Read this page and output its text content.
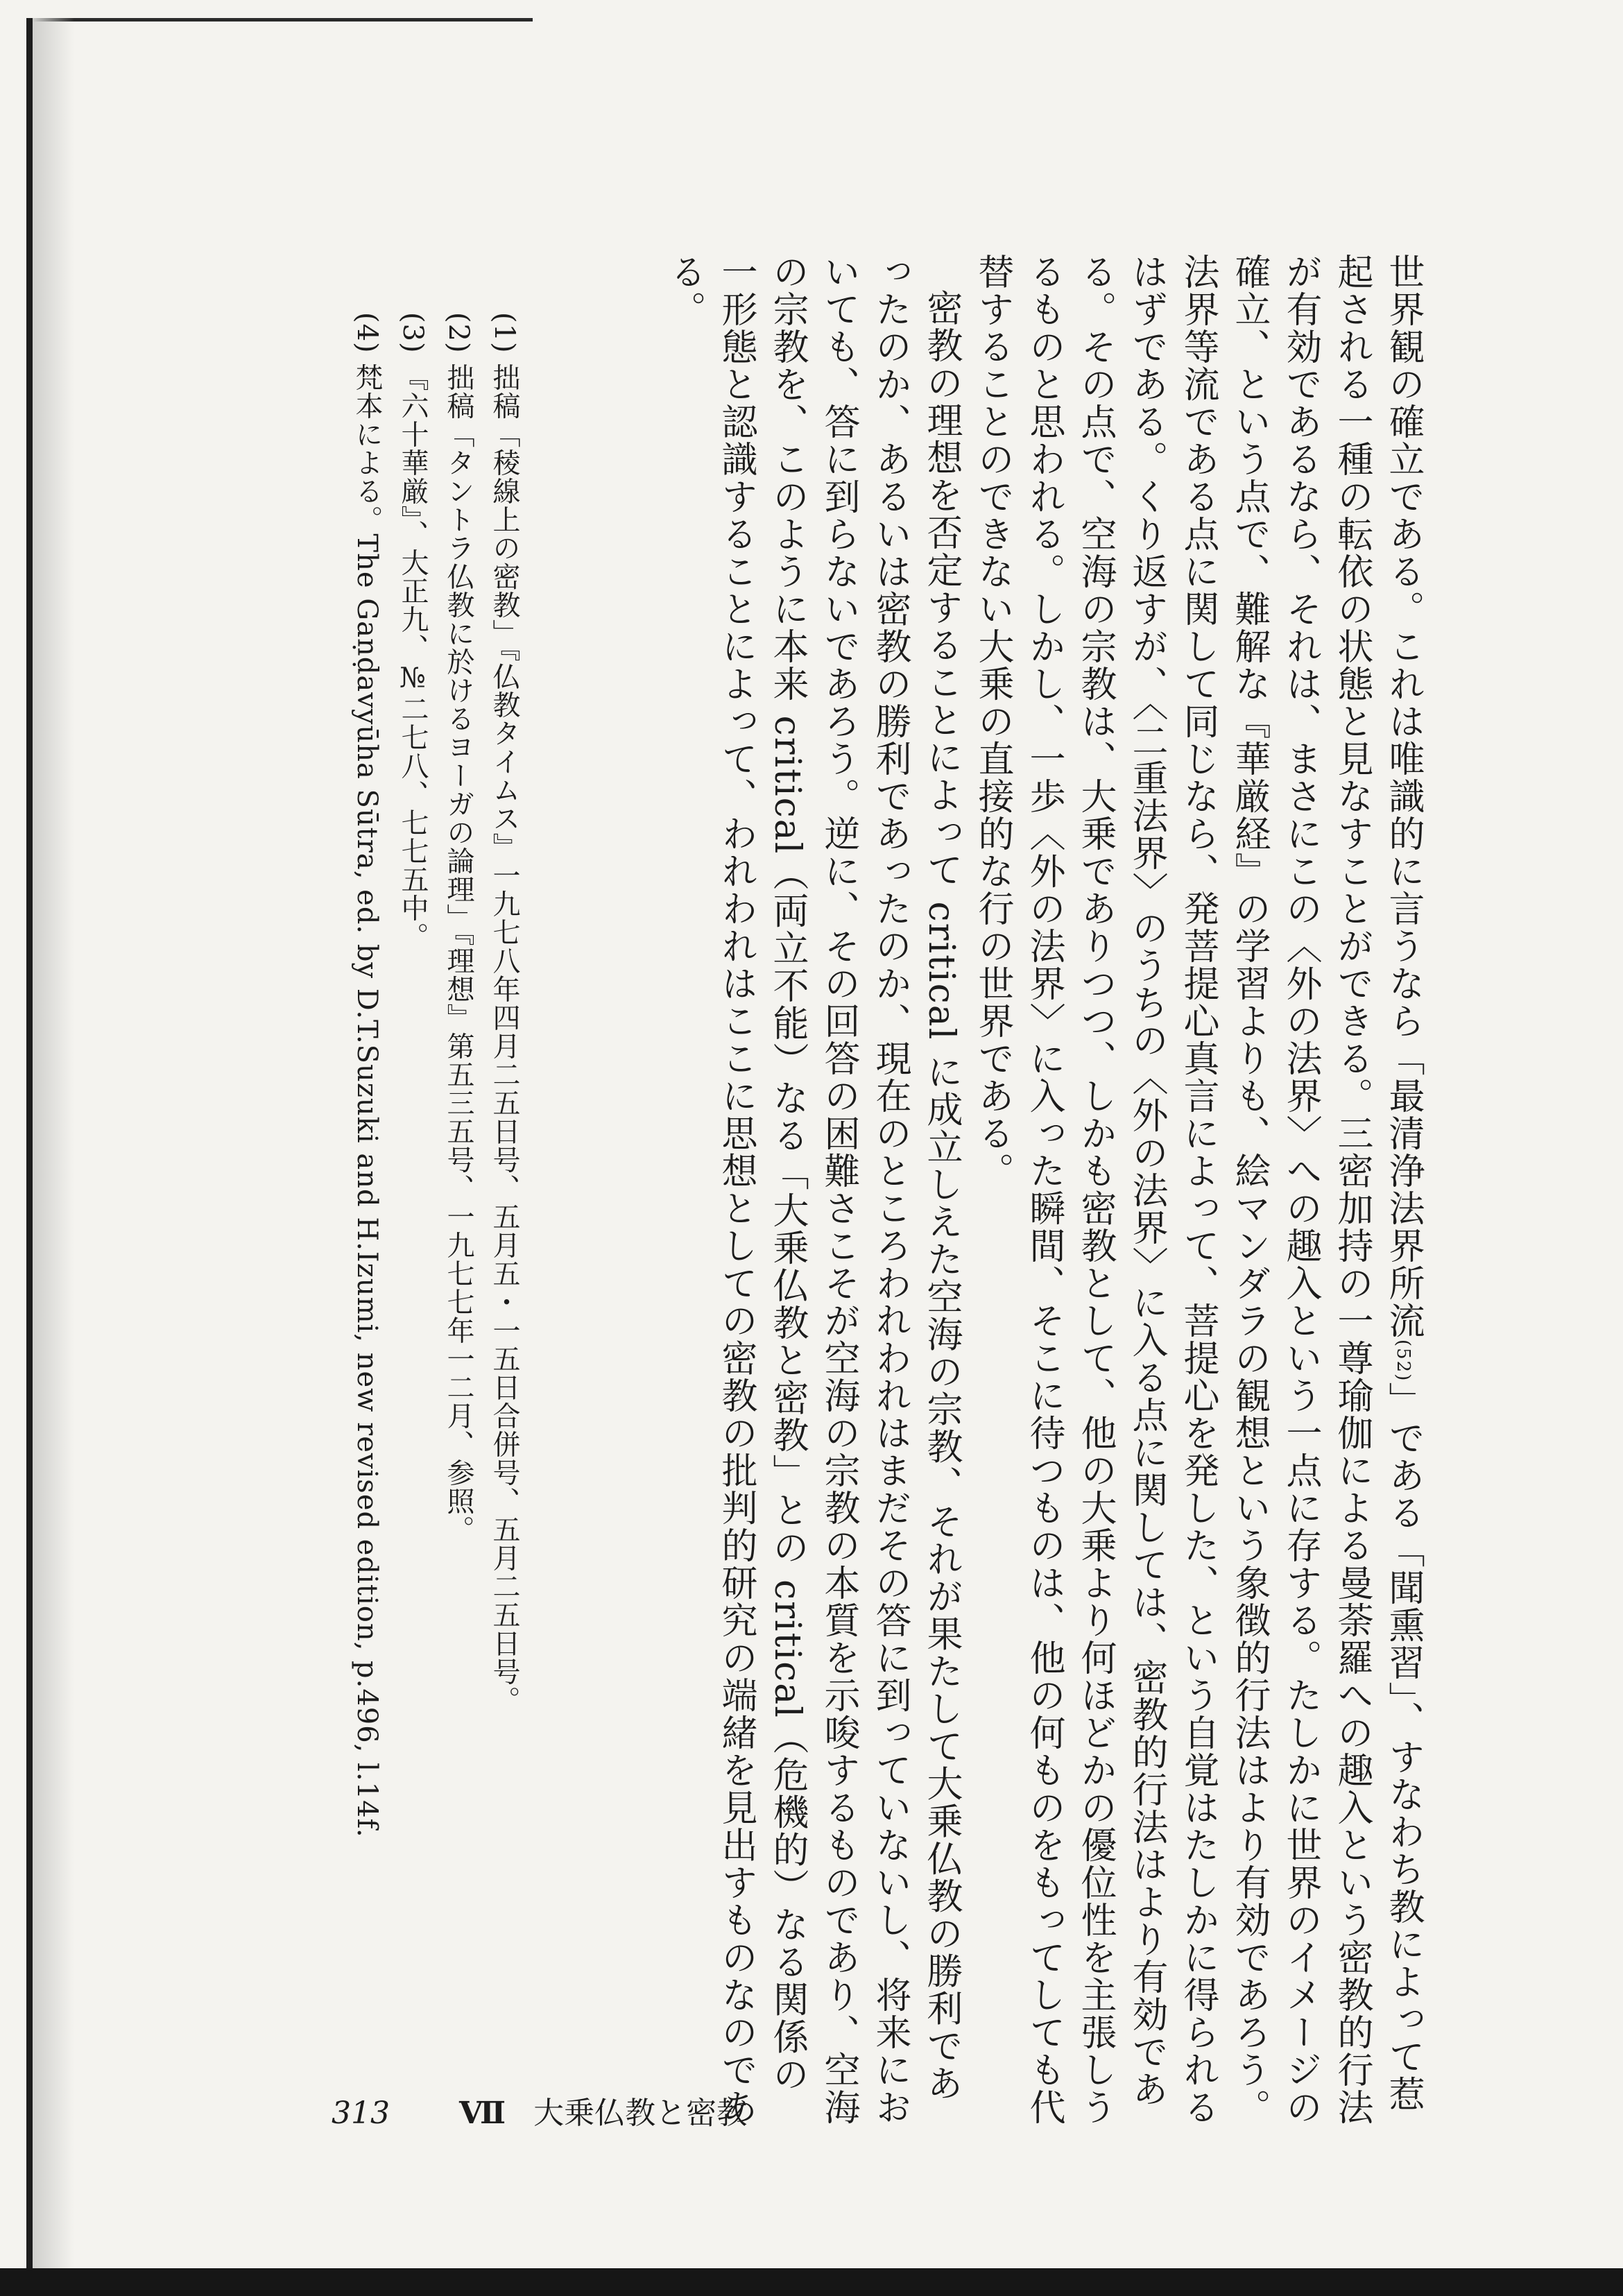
世界観の確立である。これは唯識的に言うなら「最清浄法界所流(52)」である「聞熏習」、すなわち教によって惹起される一種の転依の状態と見なすことができる。三密加持の一尊瑜伽による曼荼羅への趣入という密教的行法が有効であるなら、それは、まさにこの〈外の法界〉への趣入という一点に存する。たしかに世界のイメージの確立、という点で、難解な『華厳経』の学習よりも、絵マンダラの観想という象徴的行法はより有効であろう。法界等流である点に関して同じなら、発菩提心真言によって、菩提心を発した、という自覚はたしかに得られるはずである。くり返すが、〈二重法界〉のうちの〈外の法界〉に入る点に関しては、密教的行法はより有効である。その点で、空海の宗教は、大乗でありつつ、しかも密教として、他の大乗より何ほどかの優位性を主張しうるものと思われる。しかし、一歩〈外の法界〉に入った瞬間、そこに待つものは、他の何ものをもってしても代替することのできない大乗の直接的な行の世界である。

密教の理想を否定することによって critical に成立しえた空海の宗教、それが果たして大乗仏教の勝利であったのか、あるいは密教の勝利であったのか、現在のところわれわれはまだその答に到っていないし、将来においても、答に到らないであろう。逆に、その回答の困難さこそが空海の宗教の本質を示唆するものであり、空海の宗教を、このように本来 critical（両立不能）なる「大乗仏教と密教」との critical（危機的）なる関係の一形態と認識することによって、われわれはここに思想としての密教の批判的研究の端緒を見出すものなのである。

(1) 拙稿「稜線上の密教」『仏教タイムス』一九七八年四月二五日号、五月五・一五日合併号、五月二五日号。

(2) 拙稿「タントラ仏教に於けるヨーガの論理」『理想』第五三五号、一九七七年一二月、参照。

(3) 『六十華厳』、大正九、№二七八、七七五中。

(4) 梵本による。The Gaṇḍavyūha Sūtra, ed. by D.T.Suzuki and H.Izumi, new revised edition, p.496, l.14f.

313 Ⅶ 大乗仏教と密教
